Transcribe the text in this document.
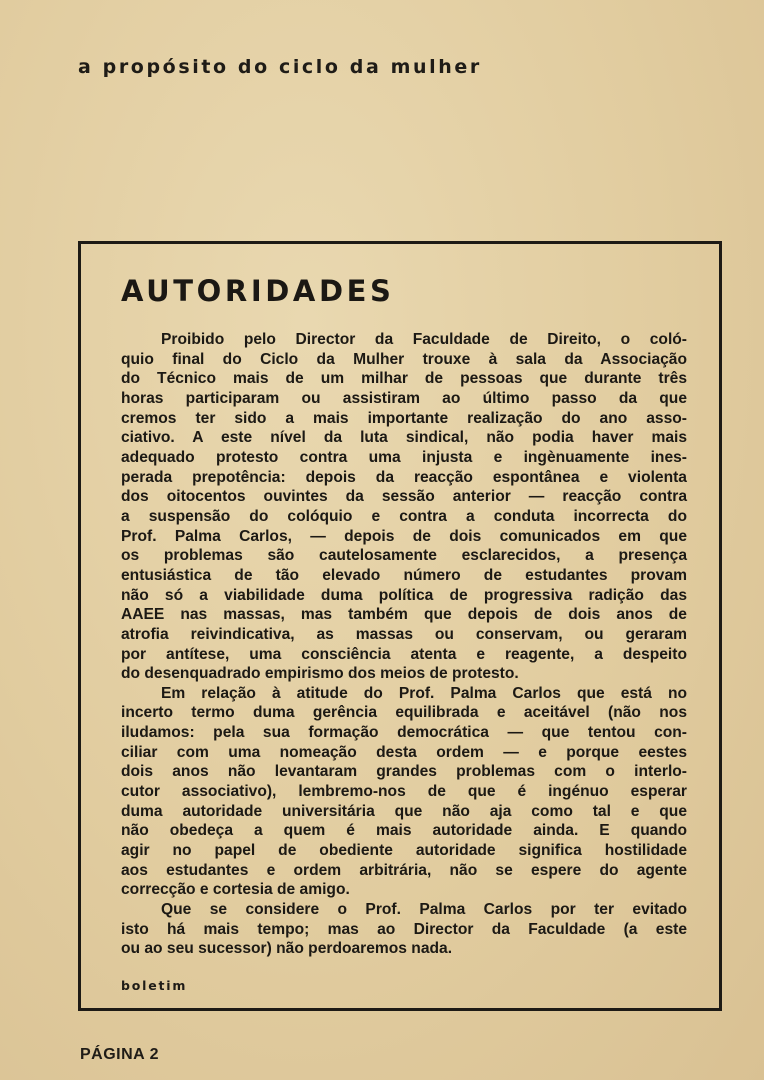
a propósito do ciclo da mulher
AUTORIDADES
Proibido pelo Director da Faculdade de Direito, o coló-
quio final do Ciclo da Mulher trouxe à sala da Associação
do Técnico mais de um milhar de pessoas que durante três
horas participaram ou assistiram ao último passo da que
cremos ter sido a mais importante realização do ano asso-
ciativo. A este nível da luta sindical, não podia haver mais
adequado protesto contra uma injusta e ingènuamente ines-
perada prepotência: depois da reacção espontânea e violenta
dos oitocentos ouvintes da sessão anterior — reacção contra
a suspensão do colóquio e contra a conduta incorrecta do
Prof. Palma Carlos, — depois de dois comunicados em que
os problemas são cautelosamente esclarecidos, a presença
entusiástica de tão elevado número de estudantes provam
não só a viabilidade duma política de progressiva radição das
AAEE nas massas, mas também que depois de dois anos de
atrofia reivindicativa, as massas ou conservam, ou geraram
por antítese, uma consciência atenta e reagente, a despeito
do desenquadrado empirismo dos meios de protesto.
Em relação à atitude do Prof. Palma Carlos que está no
incerto termo duma gerência equilibrada e aceitável (não nos
iludamos: pela sua formação democrática — que tentou con-
ciliar com uma nomeação desta ordem — e porque eestes
dois anos não levantaram grandes problemas com o interlo-
cutor associativo), lembremo-nos de que é ingénuo esperar
duma autoridade universitária que não aja como tal e que
não obedeça a quem é mais autoridade ainda. E quando
agir no papel de obediente autoridade significa hostilidade
aos estudantes e ordem arbitrária, não se espere do agente
correcção e cortesia de amigo.
Que se considere o Prof. Palma Carlos por ter evitado
isto há mais tempo; mas ao Director da Faculdade (a este
ou ao seu sucessor) não perdoaremos nada.
boletim
PÁGINA 2
